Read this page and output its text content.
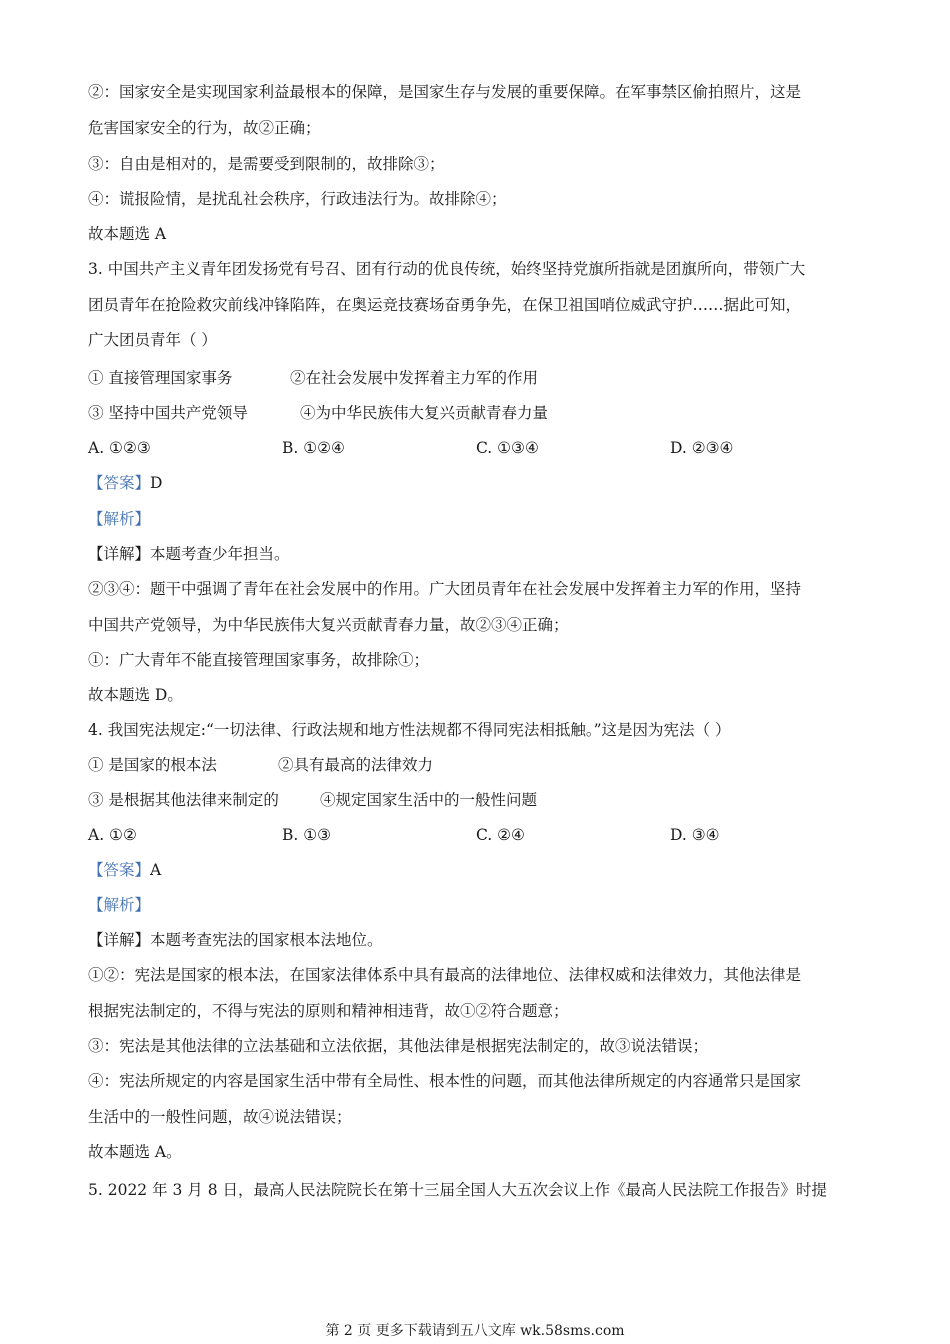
②：国家安全是实现国家利益最根本的保障，是国家生存与发展的重要保障。在军事禁区偷拍照片，这是
危害国家安全的行为，故②正确；
③：自由是相对的，是需要受到限制的，故排除③；
④：谎报险情，是扰乱社会秩序，行政违法行为。故排除④；
故本题选 A
3. 中国共产主义青年团发扬党有号召、团有行动的优良传统，始终坚持党旗所指就是团旗所向，带领广大
团员青年在抢险救灾前线冲锋陷阵，在奥运竞技赛场奋勇争先，在保卫祖国哨位威武守护……据此可知，
广大团员青年（ ）
① 直接管理国家事务	②在社会发展中发挥着主力军的作用
③ 坚持中国共产党领导	④为中华民族伟大复兴贡献青春力量
A. ①②③	B. ①②④	C. ①③④	D. ②③④
【答案】D
【解析】
【详解】本题考查少年担当。
②③④：题干中强调了青年在社会发展中的作用。广大团员青年在社会发展中发挥着主力军的作用，坚持
中国共产党领导，为中华民族伟大复兴贡献青春力量，故②③④正确；
①：广大青年不能直接管理国家事务，故排除①；
故本题选 D。
4. 我国宪法规定:“一切法律、行政法规和地方性法规都不得同宪法相抵触。”这是因为宪法（ ）
① 是国家的根本法	②具有最高的法律效力
③ 是根据其他法律来制定的	④规定国家生活中的一般性问题
A. ①②	B. ①③	C. ②④	D. ③④
【答案】A
【解析】
【详解】本题考查宪法的国家根本法地位。
①②：宪法是国家的根本法，在国家法律体系中具有最高的法律地位、法律权威和法律效力，其他法律是
根据宪法制定的，不得与宪法的原则和精神相违背，故①②符合题意；
③：宪法是其他法律的立法基础和立法依据，其他法律是根据宪法制定的，故③说法错误；
④：宪法所规定的内容是国家生活中带有全局性、根本性的问题，而其他法律所规定的内容通常只是国家
生活中的一般性问题，故④说法错误；
故本题选 A。
5. 2022 年 3 月 8 日，最高人民法院院长在第十三届全国人大五次会议上作《最高人民法院工作报告》时提
第 2 页 更多下载请到五八文库 wk.58sms.com
